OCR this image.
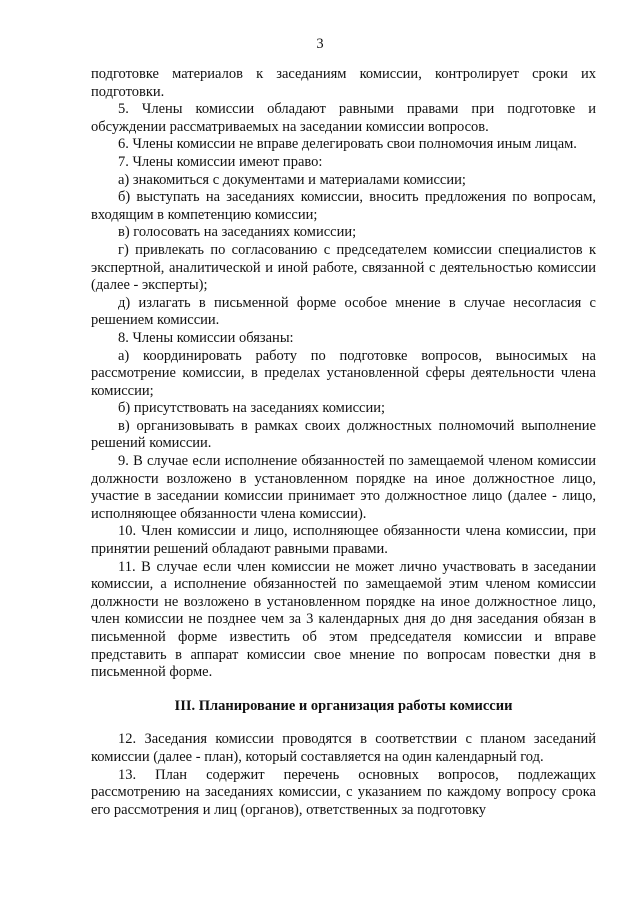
3

подготовке материалов к заседаниям комиссии, контролирует сроки их подготовки.

5. Члены комиссии обладают равными правами при подготовке и обсуждении рассматриваемых на заседании комиссии вопросов.

6. Члены комиссии не вправе делегировать свои полномочия иным лицам.

7. Члены комиссии имеют право:

а) знакомиться с документами и материалами комиссии;

б) выступать на заседаниях комиссии, вносить предложения по вопросам, входящим в компетенцию комиссии;

в) голосовать на заседаниях комиссии;

г) привлекать по согласованию с председателем комиссии специалистов к экспертной, аналитической и иной работе, связанной с деятельностью комиссии (далее - эксперты);

д) излагать в письменной форме особое мнение в случае несогласия с решением комиссии.

8. Члены комиссии обязаны:

а) координировать работу по подготовке вопросов, выносимых на рассмотрение комиссии, в пределах установленной сферы деятельности члена комиссии;

б) присутствовать на заседаниях комиссии;

в) организовывать в рамках своих должностных полномочий выполнение решений комиссии.

9. В случае если исполнение обязанностей по замещаемой членом комиссии должности возложено в установленном порядке на иное должностное лицо, участие в заседании комиссии принимает это должностное лицо (далее - лицо, исполняющее обязанности члена комиссии).

10. Член комиссии и лицо, исполняющее обязанности члена комиссии, при принятии решений обладают равными правами.

11. В случае если член комиссии не может лично участвовать в заседании комиссии, а исполнение обязанностей по замещаемой этим членом комиссии должности не возложено в установленном порядке на иное должностное лицо, член комиссии не позднее чем за 3 календарных дня до дня заседания обязан в письменной форме известить об этом председателя комиссии и вправе представить в аппарат комиссии свое мнение по вопросам повестки дня в письменной форме.

III. Планирование и организация работы комиссии

12. Заседания комиссии проводятся в соответствии с планом заседаний комиссии (далее - план), который составляется на один календарный год.

13. План содержит перечень основных вопросов, подлежащих рассмотрению на заседаниях комиссии, с указанием по каждому вопросу срока его рассмотрения и лиц (органов), ответственных за подготовку
